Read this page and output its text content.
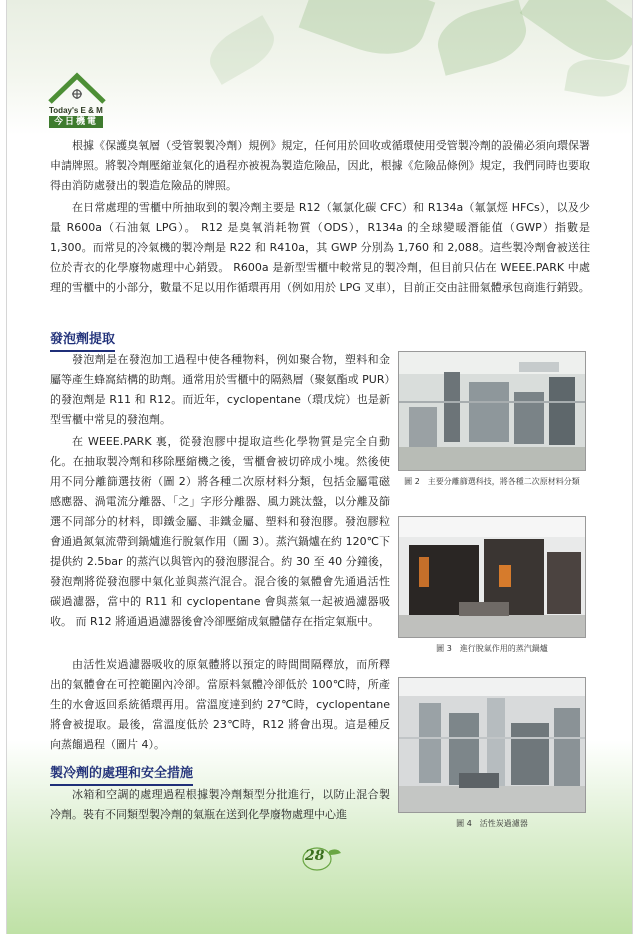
Today's E & M
今日機電

根據《保護臭氧層（受管製製冷劑）規例》規定，任何用於回收或循環使用受管製冷劑的設備必須向環保署申請牌照。將製冷劑壓縮並氣化的過程亦被視為製造危險品，因此，根據《危險品條例》規定，我們同時也要取得由消防處發出的製造危險品的牌照。

在日常處理的雪櫃中所抽取到的製冷劑主要是 R12（氟氯化碳 CFC）和 R134a（氟氯烴 HFCs），以及少量 R600a（石油氣 LPG）。 R12 是臭氧消耗物質（ODS），R134a 的全球變暖潛能值（GWP）指數是 1,300。而常見的冷氣機的製冷劑是 R22 和 R410a，其 GWP 分別為 1,760 和 2,088。這些製冷劑會被送往位於青衣的化學廢物處理中心銷毀。 R600a 是新型雪櫃中較常見的製冷劑，但目前只佔在 WEEE.PARK 中處理的雪櫃中的小部分，數量不足以用作循環再用（例如用於 LPG 叉車），目前正交由註冊氣體承包商進行銷毀。

發泡劑提取

發泡劑是在發泡加工過程中使各種物料，例如聚合物，塑料和金屬等產生蜂窩結構的助劑。通常用於雪櫃中的隔熱層（聚氨酯或 PUR）的發泡劑是 R11 和 R12。而近年，cyclopentane（環戊烷）也是新型雪櫃中常見的發泡劑。

在 WEEE.PARK 裏，從發泡膠中提取這些化學物質是完全自動化。在抽取製冷劑和移除壓縮機之後，雪櫃會被切碎成小塊。然後使用不同分離篩選技術（圖 2）將各種二次原材料分類，包括金屬電磁感應器、渦電流分離器、「之」字形分離器、風力跳汰盤，以分離及篩選不同部分的材料，即鐵金屬、非鐵金屬、塑料和發泡膠。發泡膠粒會通過氮氣流帶到鍋爐進行脫氣作用（圖 3）。蒸汽鍋爐在約 120℃下提供約 2.5bar 的蒸汽以與管內的發泡膠混合。約 30 至 40 分鐘後，發泡劑將從發泡膠中氣化並與蒸汽混合。混合後的氣體會先通過活性碳過濾器，當中的 R11 和 cyclopentane 會與蒸氣一起被過濾器吸收。 而 R12 將通過過濾器後會冷卻壓縮成氣體儲存在指定氣瓶中。

由活性炭過濾器吸收的原氣體將以預定的時間間隔釋放，而所釋出的氣體會在可控範圍內冷卻。當原料氣體冷卻低於 100℃時，所產生的水會返回系統循環再用。當溫度達到約 27℃時，cyclopentane 將會被提取。最後，當溫度低於 23℃時，R12 將會出現。這是種反向蒸餾過程（圖片 4）。

製冷劑的處理和安全措施

冰箱和空調的處理過程根據製冷劑類型分批進行，以防止混合製冷劑。裝有不同類型製冷劑的氣瓶在送到化學廢物處理中心進

圖 2　主要分離篩選科技，將各種二次原材料分類
圖 3　進行脫氣作用的蒸汽鍋爐
圖 4　活性炭過濾器
28
